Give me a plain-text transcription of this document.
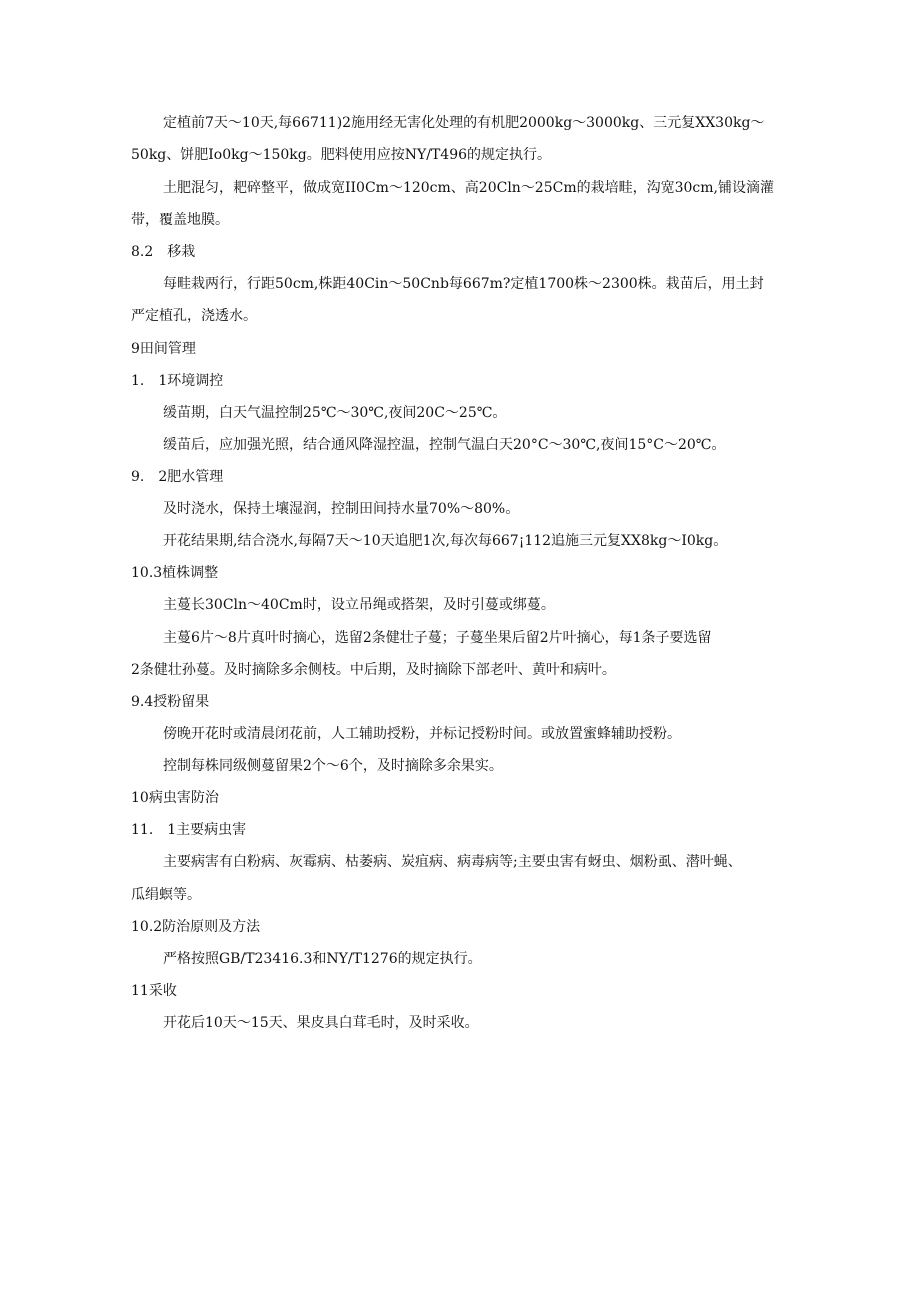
定植前7天～10天,每66711)2施用经无害化处理的有机肥2000kg～3000kg、三元复XX30kg～
50kg、饼肥Io0kg～150kg。肥料使用应按NY/T496的规定执行。
土肥混匀，耙碎整平，做成宽II0Cm～120cm、高20Cln～25Cm的栽培畦，沟宽30cm,铺设滴灌
带，覆盖地膜。
8.2　移栽
每畦栽两行，行距50cm,株距40Cin～50Cnb每667m?定植1700株～2300株。栽苗后，用土封
严定植孔，浇透水。
9田间管理
1.　1环境调控
缓苗期，白天气温控制25℃～30℃,夜间20C～25℃。
缓苗后，应加强光照，结合通风降湿控温，控制气温白天20°C～30℃,夜间15°C～20℃。
9.　2肥水管理
及时浇水，保持土壤湿润，控制田间持水量70%～80%。
开花结果期,结合浇水,每隔7天～10天追肥1次,每次每667¡112追施三元复XX8kg～I0kg。
10.3植株调整
主蔓长30Cln～40Cm时，设立吊绳或搭架，及时引蔓或绑蔓。
主蔓6片～8片真叶时摘心，选留2条健壮子蔓；子蔓坐果后留2片叶摘心，每1条子要选留
2条健壮孙蔓。及时摘除多余侧枝。中后期，及时摘除下部老叶、黄叶和病叶。
9.4授粉留果
傍晚开花时或清晨闭花前，人工辅助授粉，并标记授粉时间。或放置蜜蜂辅助授粉。
控制每株同级侧蔓留果2个～6个，及时摘除多余果实。
10病虫害防治
11.　1主要病虫害
主要病害有白粉病、灰霉病、枯萎病、炭疽病、病毒病等;主要虫害有蚜虫、烟粉虱、潜叶蝇、
瓜绢螟等。
10.2防治原则及方法
严格按照GB/T23416.3和NY/T1276的规定执行。
11采收
开花后10天～15天、果皮具白茸毛时，及时采收。
